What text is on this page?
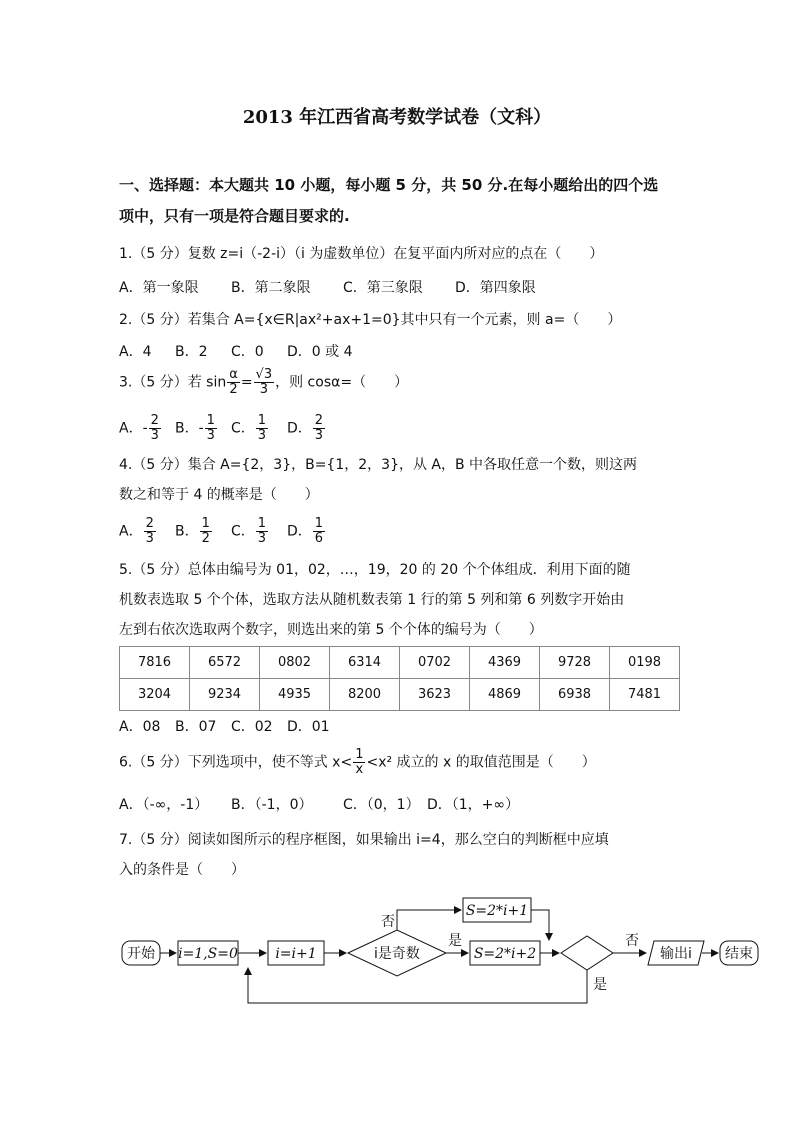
2013 年江西省高考数学试卷（文科）
一、选择题：本大题共 10 小题，每小题 5 分，共 50 分.在每小题给出的四个选
项中，只有一项是符合题目要求的.
1.（5 分）复数 z=i（-2-i）（i 为虚数单位）在复平面内所对应的点在（　　）
A．第一象限 B．第二象限 C．第三象限 D．第四象限
2.（5 分）若集合 A={x∈R|ax²+ax+1=0}其中只有一个元素，则 a=（　　）
A．4 B．2 C．0 D．0 或 4
3.（5 分）若 $\sin \frac{\alpha}{2} = \frac{√3}{3}$ ，则 cosα=（　　）
A．- $\frac{2}{3}$ B．- $\frac{1}{3}$ C． $\frac{1}{3}$ D． $\frac{2}{3}$
4.（5 分）集合 A={2，3}，B={1，2，3}，从 A，B 中各取任意一个数，则这两
数之和等于 4 的概率是（　　）
A． $\frac{2}{3}$ B． $\frac{1}{2}$ C． $\frac{1}{3}$ D． $\frac{1}{6}$
5.（5 分）总体由编号为 01，02，…，19，20 的 20 个个体组成．利用下面的随
机数表选取 5 个个体，选取方法从随机数表第 1 行的第 5 列和第 6 列数字开始由
左到右依次选取两个数字，则选出来的第 5 个个体的编号为（　　）
7816	6572	0802	6314	0702	4369	9728	0198
3204	9234	4935	8200	3623	4869	6938	7481
A．08 B．07 C．02 D．01
6.（5 分）下列选项中，使不等式 $x< \frac{1}{x} <x^2$ 成立的 x 的取值范围是（　　）
A．（-∞，-1） B．（-1，0） C．（0，1） D．（1，+∞）
7.（5 分）阅读如图所示的程序框图，如果输出 i=4，那么空白的判断框中应填
入的条件是（　　）
开始 i=1,S=0	i=i+1	i是奇数
是
否
S=2*i+2
S=2*i+1
否
是
输出i 结束
